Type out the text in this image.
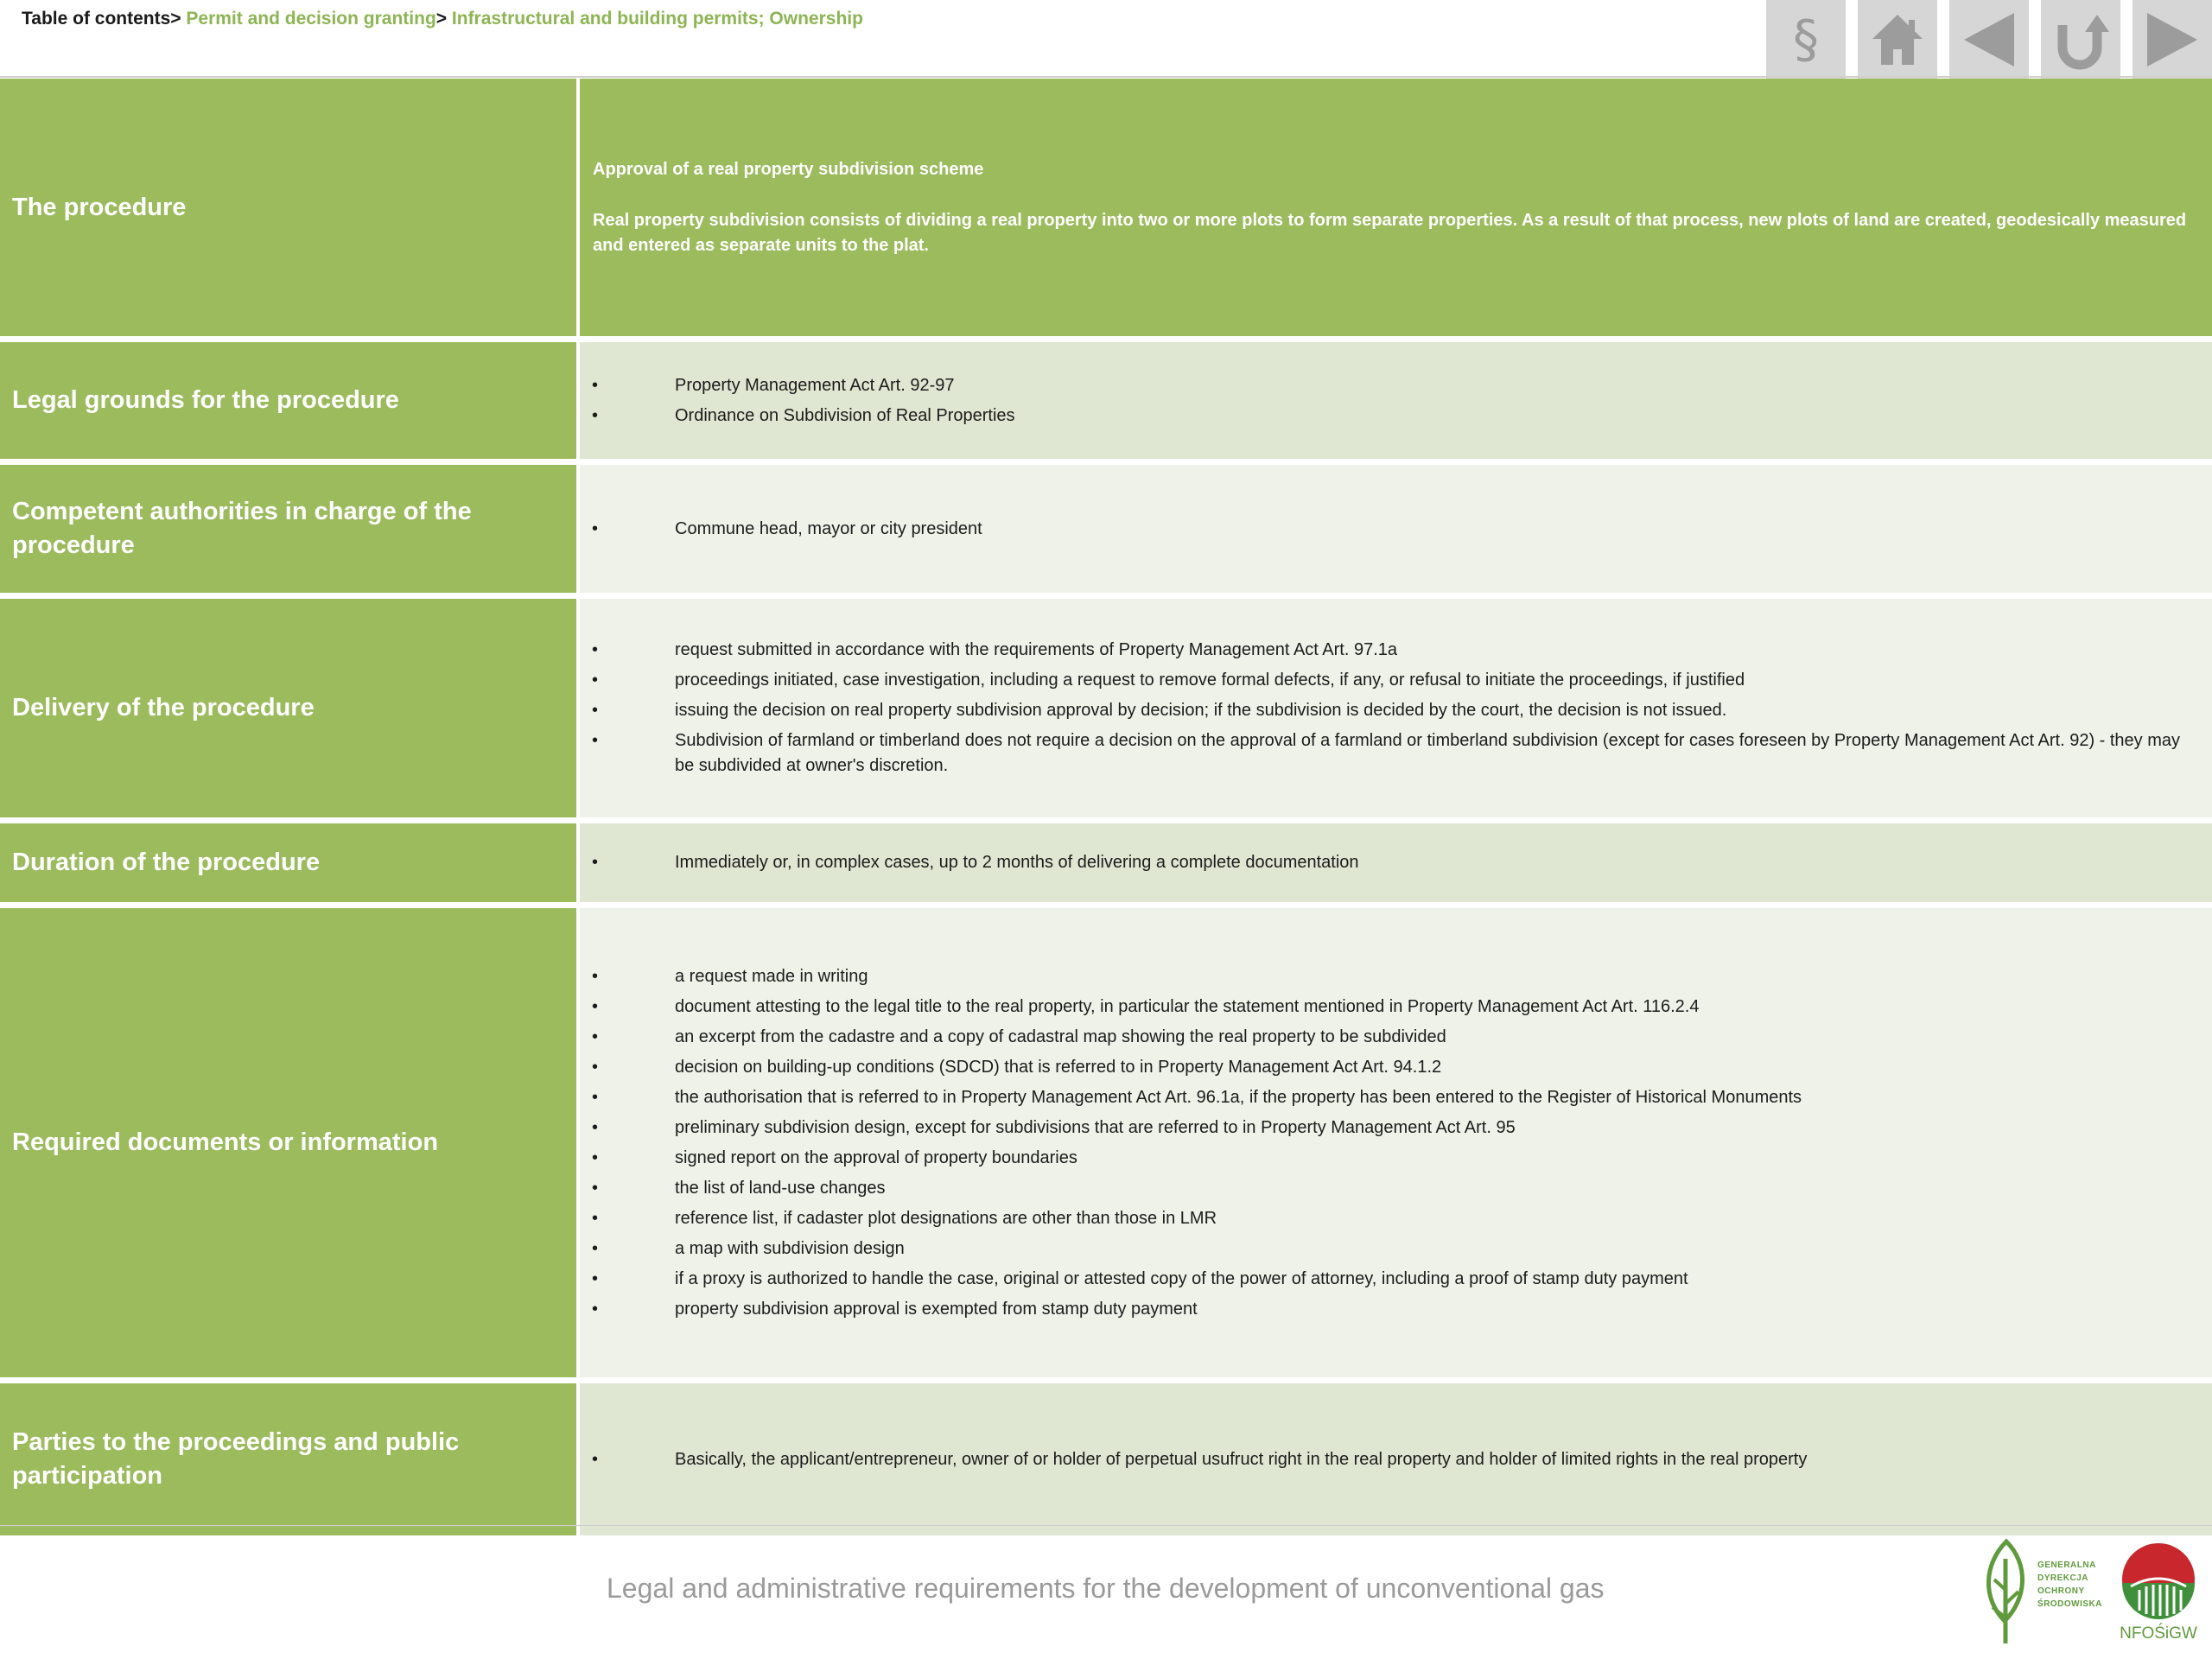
Table of contents> Permit and decision granting> Infrastructural and building permits; Ownership	§
The procedure

Approval of a real property subdivision scheme

Real property subdivision consists of dividing a real property into two or more plots to form separate properties. As a result of that process, new plots of land are created, geodesically measured and entered as separate units to the plat.

Legal grounds for the procedure
• Property Management Act Art. 92-97
• Ordinance on Subdivision of Real Properties
Competent authorities in charge of the procedure
• Commune head, mayor or city president
Delivery of the procedure
• request submitted in accordance with the requirements of Property Management Act Art. 97.1a
• proceedings initiated, case investigation, including a request to remove formal defects, if any, or refusal to initiate the proceedings, if justified
• issuing the decision on real property subdivision approval by decision; if the subdivision is decided by the court, the decision is not issued.
• Subdivision of farmland or timberland does not require a decision on the approval of a farmland or timberland subdivision (except for cases foreseen by Property Management Act Art. 92) - they may be subdivided at owner's discretion.
Duration of the procedure
•	Immediately or, in complex cases, up to 2 months of delivering a complete documentation
Required documents or information
• a request made in writing
• document attesting to the legal title to the real property, in particular the statement mentioned in Property Management Act Art. 116.2.4
• an excerpt from the cadastre and a copy of cadastral map showing the real property to be subdivided
• decision on building-up conditions (SDCD) that is referred to in Property Management Act Art. 94.1.2
• the authorisation that is referred to in Property Management Act Art. 96.1a, if the property has been entered to the Register of Historical Monuments
• preliminary subdivision design, except for subdivisions that are referred to in Property Management Act Art. 95
• signed report on the approval of property boundaries
• the list of land-use changes
• reference list, if cadaster plot designations are other than those in LMR
• a map with subdivision design
• if a proxy is authorized to handle the case, original or attested copy of the power of attorney, including a proof of stamp duty payment
• property subdivision approval is exempted from stamp duty payment
Parties to the proceedings and public participation
• Basically, the applicant/entrepreneur, owner of or holder of perpetual usufruct right in the real property and holder of limited rights in the real property
Legal and administrative requirements for the development of unconventional gas
GENERALNA
DYREKCJA
OCHRONY
ŚRODOWISKA
NFOŚiGW
